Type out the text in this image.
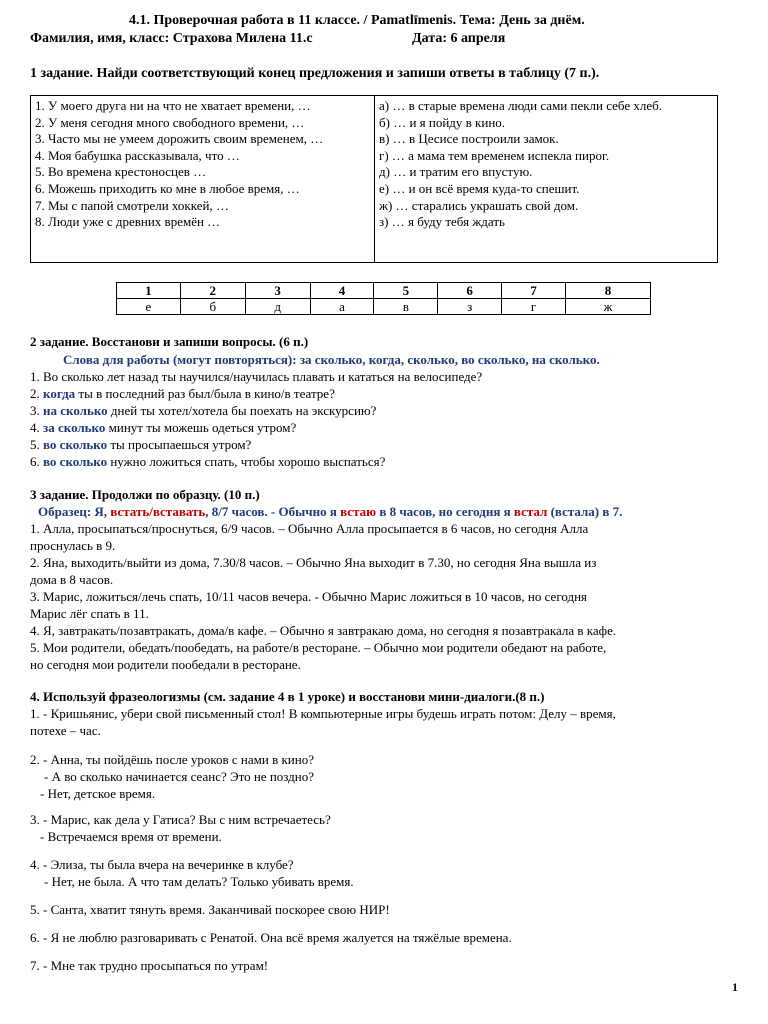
4.1. Проверочная работа в 11 классе. / Pamatlīmenis. Тема: День за днём.
Фамилия, имя, класс: Страхова Милена 11.с	Дата: 6 апреля
1 задание. Найди соответствующий конец предложения и запиши ответы в таблицу (7 п.).
1. У моего друга ни на что не хватает времени, …
2. У меня сегодня много свободного времени, …
3. Часто мы не умеем дорожить своим временем, …
4. Моя бабушка рассказывала, что …
5. Во времена крестоносцев …
6. Можешь приходить ко мне в любое время, …
7. Мы с папой смотрели хоккей, …
8. Люди уже с древних времён …

а) … в старые времена люди сами пекли себе хлеб.
б) … и я пойду в кино.
в) … в Цесисе построили замок.
г) … а мама тем временем испекла пирог.
д) … и тратим его впустую.
е) … и он всё время куда-то спешит.
ж) … старались украшать свой дом.
з) … я буду тебя ждать
1	2	3	4	5	6	7	8
е	б	д	а	в	з	г	ж
2 задание. Восстанови и запиши вопросы. (6 п.)
Слова для работы (могут повторяться): за сколько, когда, сколько, во сколько, на сколько.
1. Во сколько лет назад ты научился/научилась плавать и кататься на велосипеде?
2. когда ты в последний раз был/была в кино/в театре?
3. на сколько дней ты хотел/хотела бы поехать на экскурсию?
4. за сколько минут ты можешь одеться утром?
5. во сколько ты просыпаешься утром?
6. во сколько нужно ложиться спать, чтобы хорошо выспаться?
3 задание. Продолжи по образцу. (10 п.)
Образец: Я, встать/вставать, 8/7 часов. - Обычно я встаю в 8 часов, но сегодня я встал (встала) в 7.
1. Алла, просыпаться/проснуться, 6/9 часов. – Обычно Алла просыпается в 6 часов, но сегодня Алла
проснулась в 9.
2. Яна, выходить/выйти из дома, 7.30/8 часов. – Обычно Яна выходит в 7.30, но сегодня Яна вышла из
дома в 8 часов.
3. Марис, ложиться/лечь спать, 10/11 часов вечера. - Обычно Марис ложиться в 10 часов, но сегодня
Марис лёг спать в 11.
4. Я, завтракать/позавтракать, дома/в кафе. – Обычно я завтракаю дома, но сегодня я позавтракала в кафе.
5. Мои родители, обедать/пообедать, на работе/в ресторане. – Обычно мои родители обедают на работе,
но сегодня мои родители пообедали в ресторане.
4. Используй фразеологизмы (см. задание 4 в 1 уроке) и восстанови мини-диалоги.(8 п.)
1. - Кришьянис, убери свой письменный стол! В компьютерные игры будешь играть потом: Делу – время,
потехе – час.
2. - Анна, ты пойдёшь после уроков с нами в кино?
- А во сколько начинается сеанс? Это не поздно?
- Нет, детское время.
3. - Марис, как дела у Гатиса? Вы с ним встречаетесь?
- Встречаемся время от времени.
4. - Элиза, ты была вчера на вечеринке в клубе?
- Нет, не была. А что там делать? Только убивать время.
5. - Санта, хватит тянуть время. Заканчивай поскорее свою НИР!
6. - Я не люблю разговаривать с Ренатой. Она всё время жалуется на тяжёлые времена.
7. - Мне так трудно просыпаться по утрам!
1
